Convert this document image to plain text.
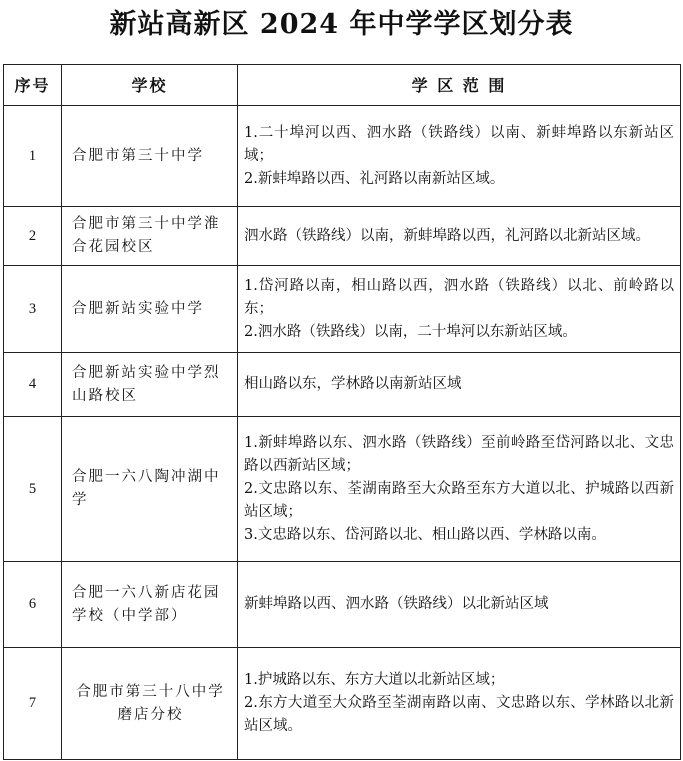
新站高新区 2024 年中学学区划分表
序号	学校	学 区 范 围
1	合肥市第三十中学	1.二十埠河以西、泗水路（铁路线）以南、新蚌埠路以东新站区域；
2.新蚌埠路以西、礼河路以南新站区域。

2	合肥市第三十中学淮合花园校区	泗水路（铁路线）以南，新蚌埠路以西，礼河路以北新站区域。

3	合肥新站实验中学	1.岱河路以南，相山路以西，泗水路（铁路线）以北、前岭路以东；
2.泗水路（铁路线）以南，二十埠河以东新站区域。

4	合肥新站实验中学烈山路校区	相山路以东，学林路以南新站区域

5	合肥一六八陶冲湖中学	1.新蚌埠路以东、泗水路（铁路线）至前岭路至岱河路以北、文忠路以西新站区域；
2.文忠路以东、荃湖南路至大众路至东方大道以北、护城路以西新站区域；
3.文忠路以东、岱河路以北、相山路以西、学林路以南。

6	合肥一六八新店花园学校（中学部）	新蚌埠路以西、泗水路（铁路线）以北新站区域

7	合肥市第三十八中学磨店分校	1.护城路以东、东方大道以北新站区域；
2.东方大道至大众路至荃湖南路以南、文忠路以东、学林路以北新站区域。
